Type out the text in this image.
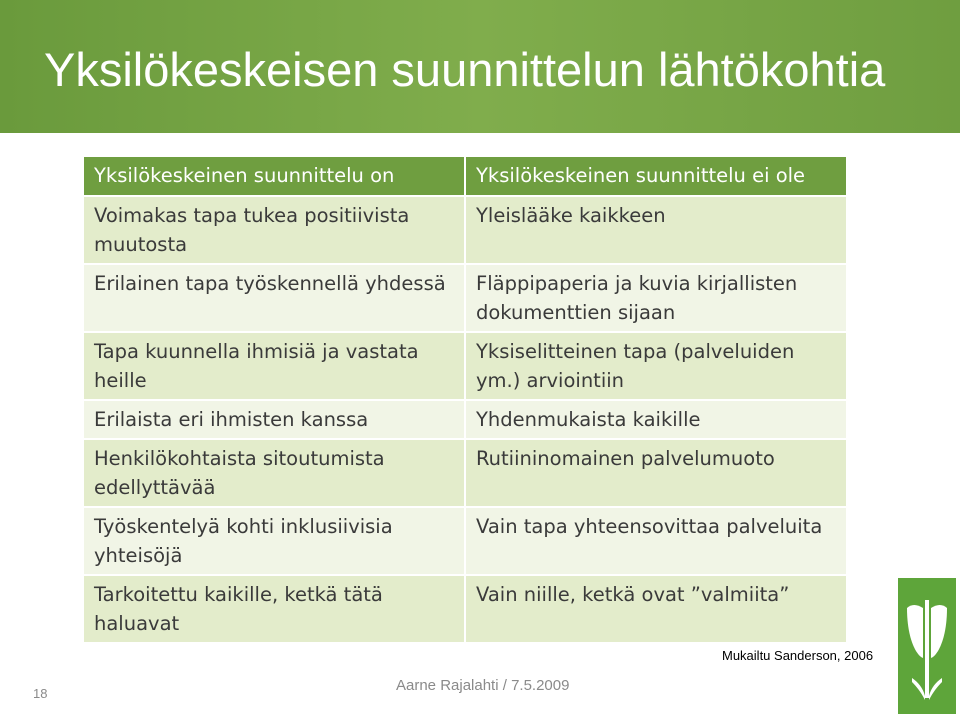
Yksilökeskeisen suunnittelun lähtökohtia
Yksilökeskeinen suunnittelu on	Yksilökeskeinen suunnittelu ei ole
Voimakas tapa tukea positiivista muutosta	Yleislääke kaikkeen
Erilainen tapa työskennellä yhdessä	Fläppipaperia ja kuvia kirjallisten dokumenttien sijaan
Tapa kuunnella ihmisiä ja vastata heille	Yksiselitteinen tapa (palveluiden ym.) arviointiin
Erilaista eri ihmisten kanssa	Yhdenmukaista kaikille
Henkilökohtaista sitoutumista edellyttävää	Rutiininomainen palvelumuoto
Työskentelyä kohti inklusiivisia yhteisöjä	Vain tapa yhteensovittaa palveluita
Tarkoitettu kaikille, ketkä tätä haluavat	Vain niille, ketkä ovat ”valmiita”
Mukailtu Sanderson, 2006
Aarne Rajalahti / 7.5.2009
18
